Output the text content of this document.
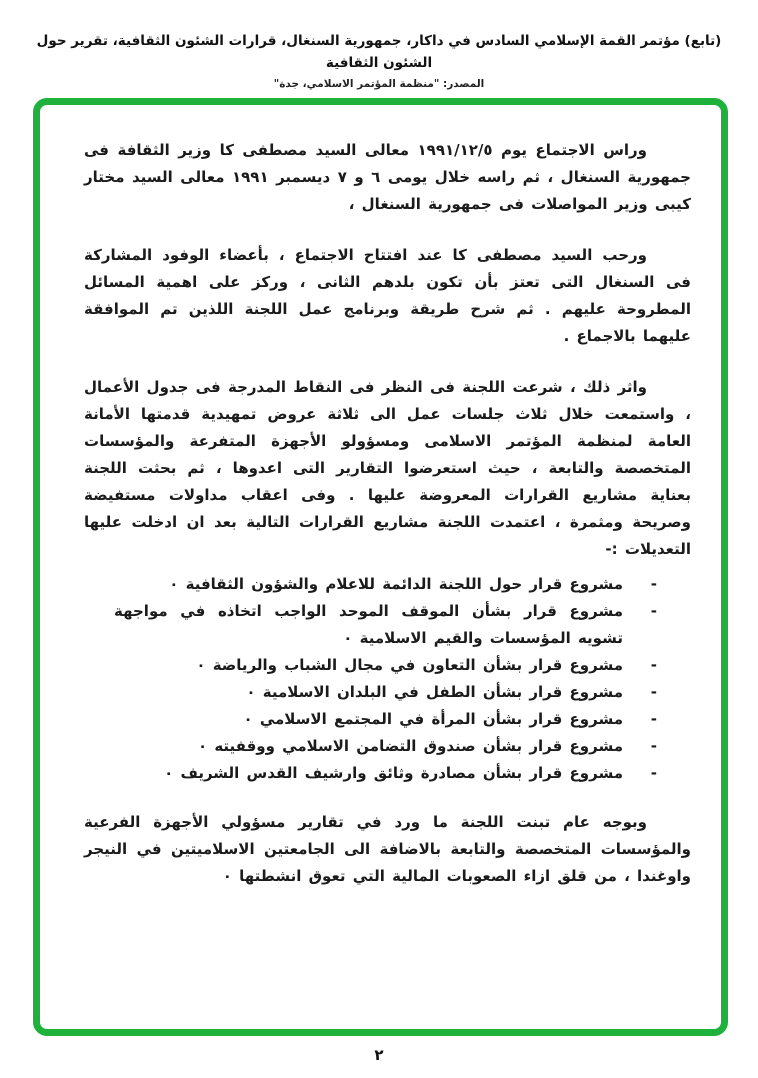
(تابع) مؤتمر القمة الإسلامي السادس في داكار، جمهورية السنغال، قرارات الشئون الثقافية، تقرير حول الشئون الثقافية
المصدر: "منظمة المؤتمر الاسلامي، جدة"

وراس الاجتماع يوم ١٩٩١/١٢/٥ معالى السيد مصطفى كا وزير الثقافة فى جمهورية السنغال ، ثم راسه خلال يومى ٦ و ٧ ديسمبر ١٩٩١ معالى السيد مختار كيبى وزير المواصلات فى جمهورية السنغال ،

ورحب السيد مصطفى كا عند افتتاح الاجتماع ، بأعضاء الوفود المشاركة فى السنغال التى تعتز بأن تكون بلدهم الثانى ، وركز على اهمية المسائل المطروحة عليهم . ثم شرح طريقة وبرنامج عمل اللجنة اللذين تم الموافقة عليهما بالاجماع .

واثر ذلك ، شرعت اللجنة فى النظر فى النقاط المدرجة فى جدول الأعمال ، واستمعت خلال ثلاث جلسات عمل الى ثلاثة عروض تمهيدية قدمتها الأمانة العامة لمنظمة المؤتمر الاسلامى ومسؤولو الأجهزة المتفرعة والمؤسسات المتخصصة والتابعة ، حيث استعرضوا التقارير التى اعدوها ، ثم بحثت اللجنة بعناية مشاريع القرارات المعروضة عليها . وفى اعقاب مداولات مستفيضة وصريحة ومثمرة ، اعتمدت اللجنة مشاريع القرارات التالية بعد ان ادخلت عليها التعديلات :-

-
مشروع قرار حول اللجنة الدائمة للاعلام والشؤون الثقافية ٠
-
مشروع قرار بشأن الموقف الموحد الواجب اتخاذه في مواجهة تشويه المؤسسات والقيم الاسلامية ٠
-
مشروع قرار بشأن التعاون في مجال الشباب والرياضة ٠
-
مشروع قرار بشأن الطفل في البلدان الاسلامية ٠
-
مشروع قرار بشأن المرأة في المجتمع الاسلامي ٠
-
مشروع قرار بشأن صندوق التضامن الاسلامي ووقفيته ٠
-
مشروع قرار بشأن مصادرة وثائق وارشيف القدس الشريف ٠

وبوجه عام تبنت اللجنة ما ورد في تقارير مسؤولي الأجهزة الفرعية والمؤسسات المتخصصة والتابعة بالاضافة الى الجامعتين الاسلاميتين في النيجر واوغندا ، من قلق ازاء الصعوبات المالية التي تعوق انشطتها ٠

٢
